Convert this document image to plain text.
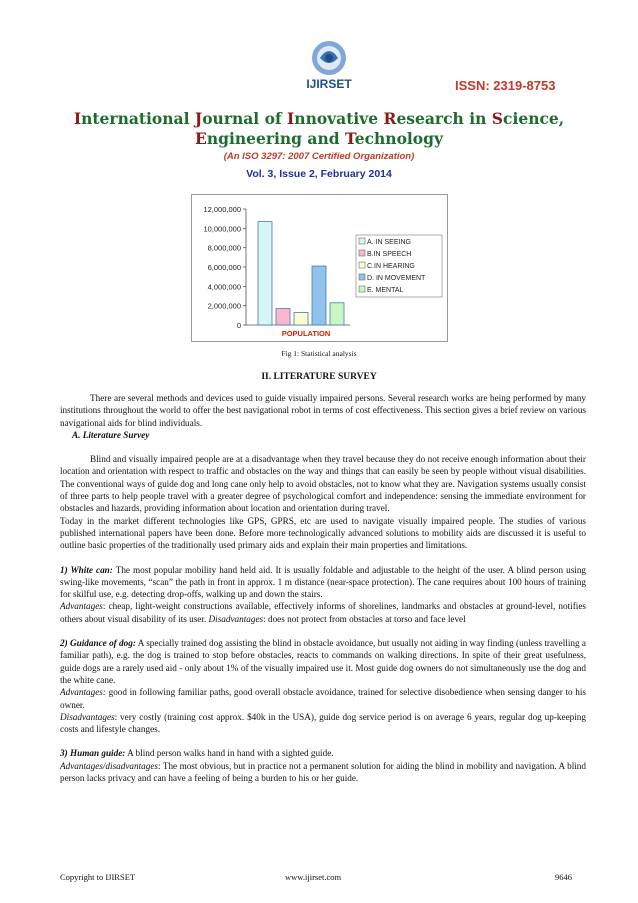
IJIRSET	ISSN: 2319-8753
International Journal of Innovative Research in Science,
Engineering and Technology
(An ISO 3297: 2007 Certified Organization)
Vol. 3, Issue 2, February 2014
0
2,000,000
4,000,000
6,000,000
8,000,000
10,000,000
12,000,000
POPULATION
A. IN SEEING
B.IN SPEECH
C.IN HEARING
D. IN MOVEMENT
E. MENTAL
Fig 1: Statistical analysis
II. LITERATURE SURVEY

There are several methods and devices used to guide visually impaired persons. Several research works are being performed by many institutions throughout the world to offer the best navigational robot in terms of cost effectiveness. This section gives a brief review on various navigational aids for blind individuals.

A. Literature Survey

Blind and visually impaired people are at a disadvantage when they travel because they do not receive enough information about their location and orientation with respect to traffic and obstacles on the way and things that can easily be seen by people without visual disabilities. The conventional ways of guide dog and long cane only help to avoid obstacles, not to know what they are. Navigation systems usually consist of three parts to help people travel with a greater degree of psychological comfort and independence: sensing the immediate environment for obstacles and hazards, providing information about location and orientation during travel.

Today in the market different technologies like GPS, GPRS, etc are used to navigate visually impaired people. The studies of various published international papers have been done. Before more technologically advanced solutions to mobility aids are discussed it is useful to outline basic properties of the traditionally used primary aids and explain their main properties and limitations.

1) White can: The most popular mobility hand held aid. It is usually foldable and adjustable to the height of the user. A blind person using swing-like movements, “scan” the path in front in approx. 1 m distance (near-space protection). The cane requires about 100 hours of training for skilful use, e.g. detecting drop-offs, walking up and down the stairs.
Advantages: cheap, light-weight constructions available, effectively informs of shorelines, landmarks and obstacles at ground-level, notifies others about visual disability of its user. Disadvantages: does not protect from obstacles at torso and face level

2) Guidance of dog: A specially trained dog assisting the blind in obstacle avoidance, but usually not aiding in way finding (unless travelling a familiar path), e.g. the dog is trained to stop before obstacles, reacts to commands on walking directions. In spite of their great usefulness, guide dogs are a rarely used aid - only about 1% of the visually impaired use it. Most guide dog owners do not simultaneously use the dog and the white cane.
Advantages: good in following familiar paths, good overall obstacle avoidance, trained for selective disobedience when sensing danger to his owner.
Disadvantages: very costly (training cost approx. $40k in the USA), guide dog service period is on average 6 years, regular dog up-keeping costs and lifestyle changes.

3) Human guide: A blind person walks hand in hand with a sighted guide.
Advantages/disadvantages: The most obvious, but in practice not a permanent solution for aiding the blind in mobility and navigation. A blind person lacks privacy and can have a feeling of being a burden to his or her guide.

Copyright to IJIRSET	www.ijirset.com	9646
